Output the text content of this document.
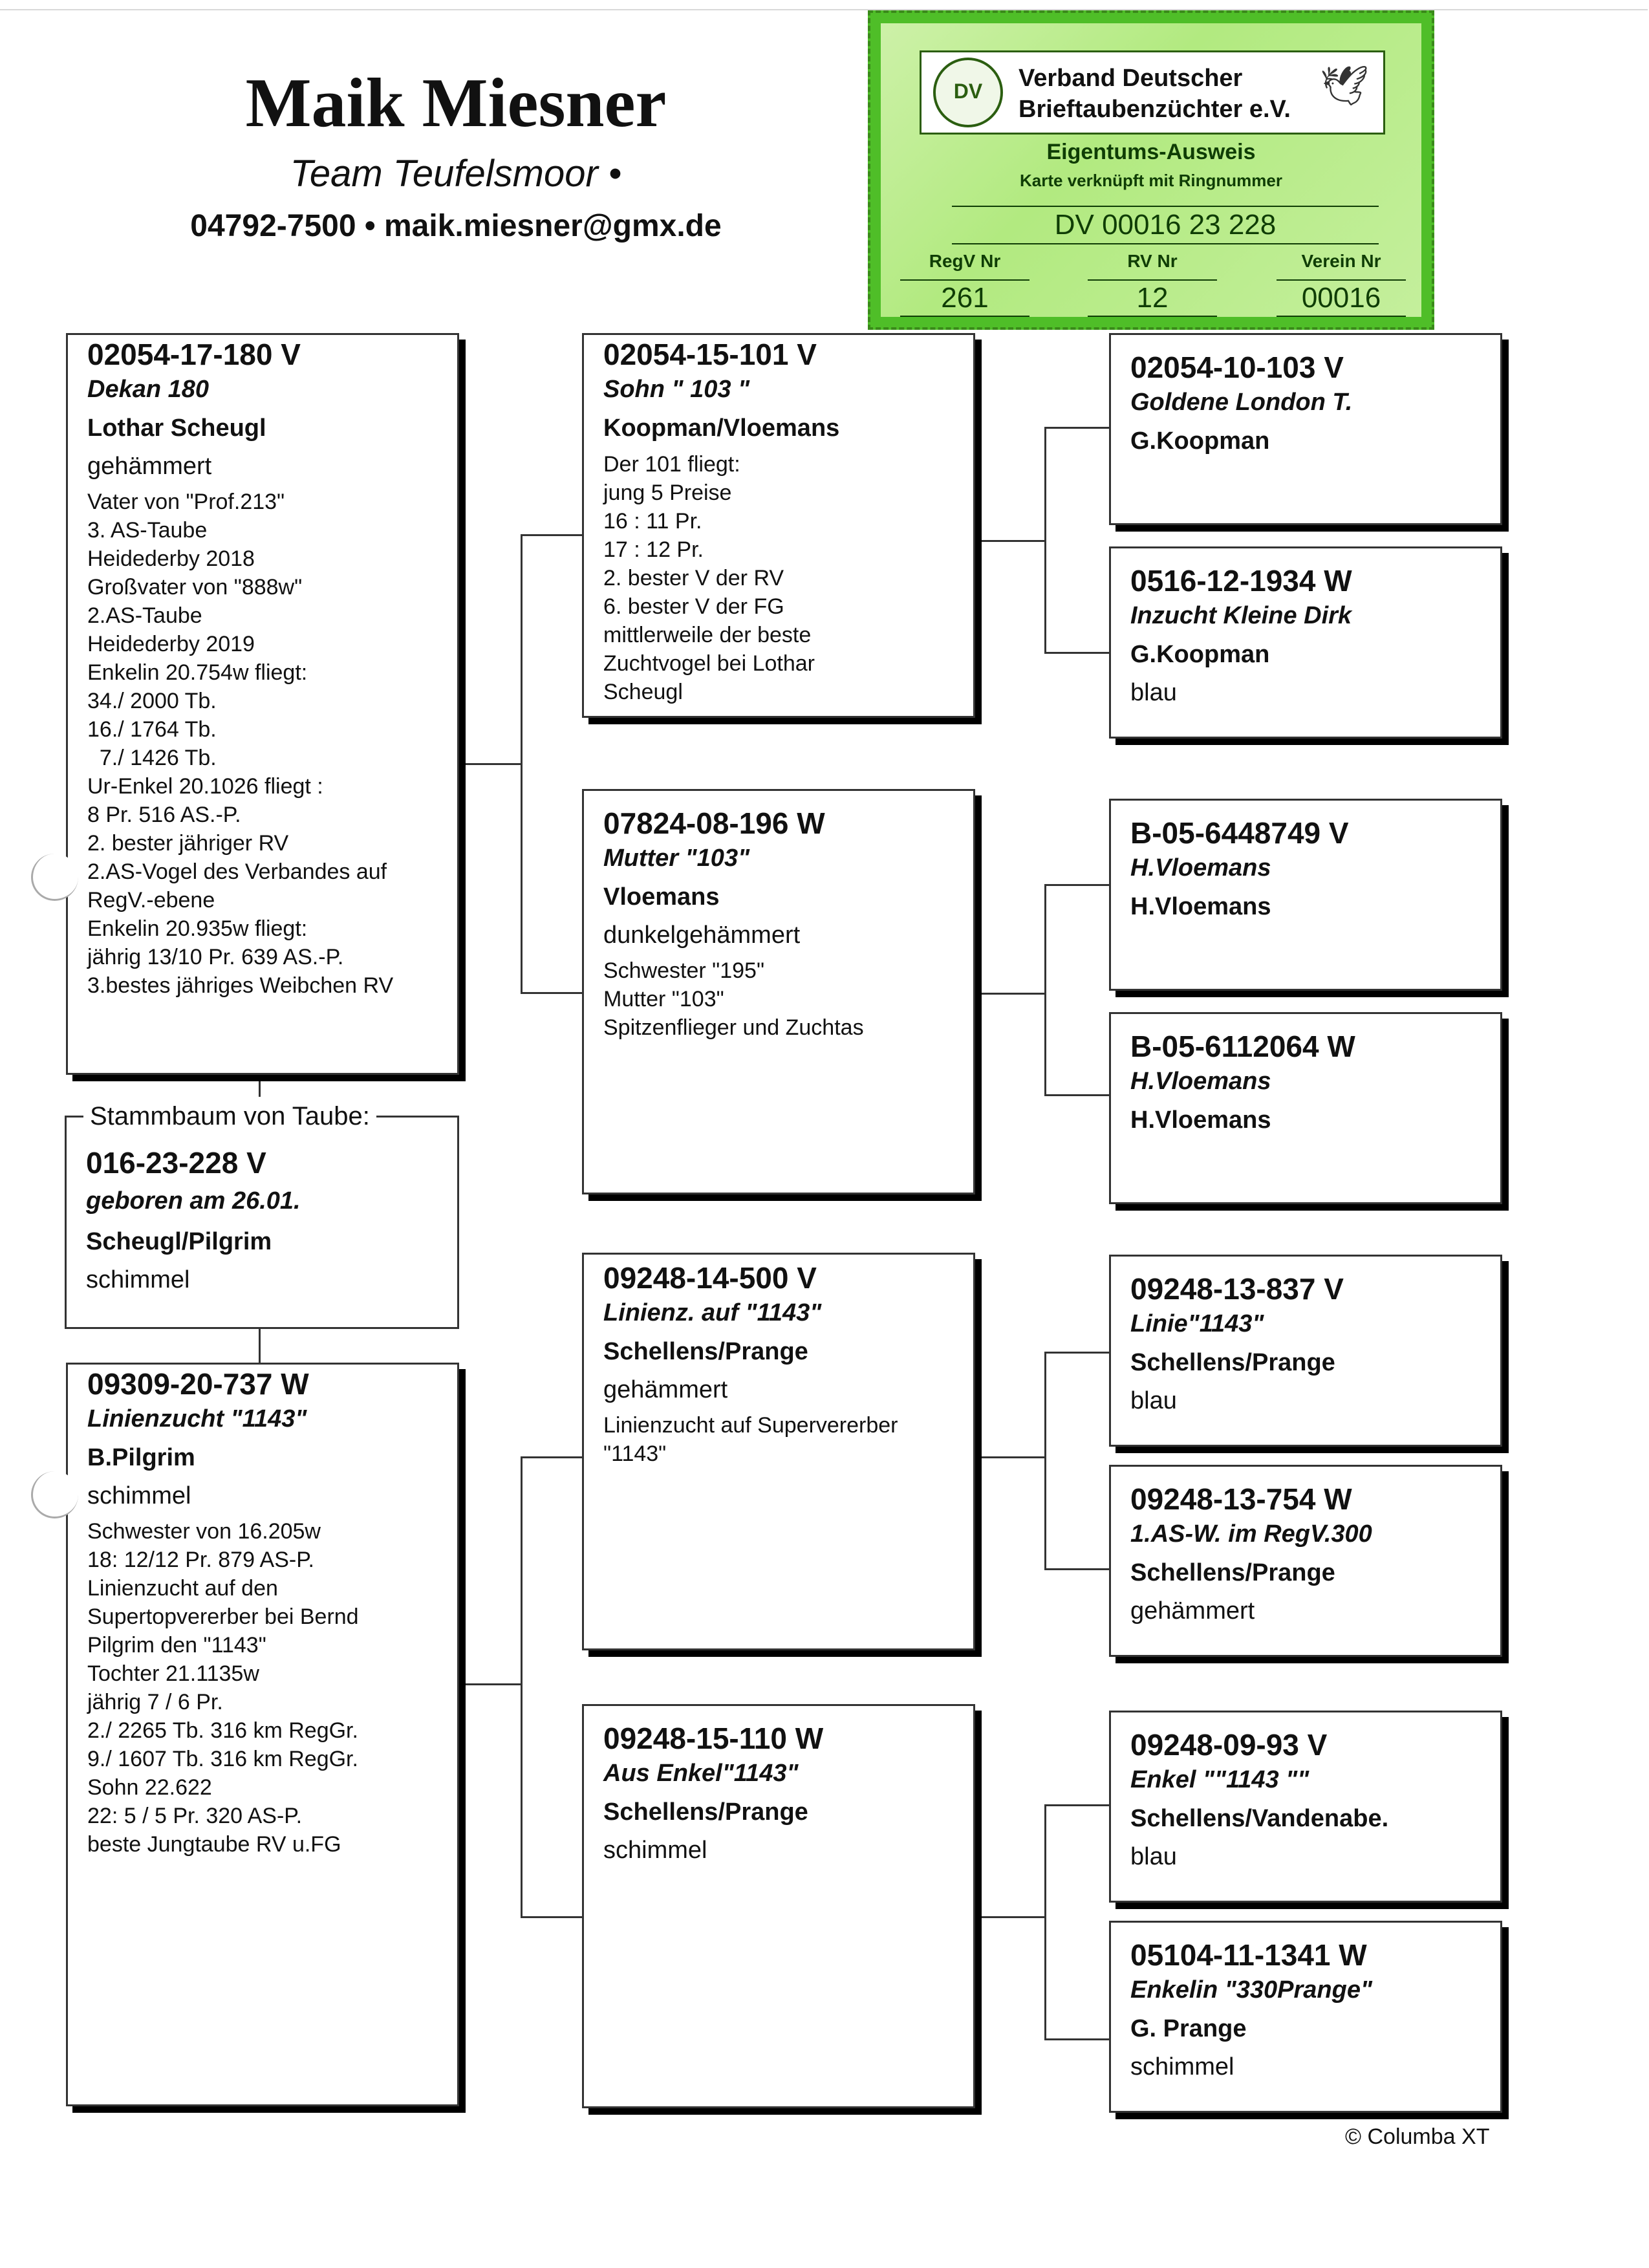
Maik Miesner
Team Teufelsmoor •
04792-7500 • maik.miesner@gmx.de
DV
Verband Deutscher
Brieftaubenzüchter e.V.
🕊
Eigentums-Ausweis
Karte verknüpft mit Ringnummer
DV 00016 23 228
RegV Nr	RV Nr	Verein Nr
261	12	00016
02054-17-180 V
Dekan 180
Lothar Scheugl
gehämmert
Vater von "Prof.213"
3. AS-Taube
Heidederby 2018
Großvater von "888w"
2.AS-Taube
Heidederby 2019
Enkelin 20.754w fliegt:
34./ 2000 Tb.
16./ 1764 Tb.
7./ 1426 Tb.
Ur-Enkel 20.1026 fliegt :
8 Pr. 516 AS.-P.
2. bester jähriger RV
2.AS-Vogel des Verbandes auf
RegV.-ebene
Enkelin 20.935w fliegt:
jährig 13/10 Pr. 639 AS.-P.
3.bestes jähriges Weibchen RV
Stammbaum von Taube:
016-23-228 V
geboren am 26.01.
Scheugl/Pilgrim
schimmel
09309-20-737 W
Linienzucht "1143"
B.Pilgrim
schimmel
Schwester von 16.205w
18: 12/12 Pr. 879 AS-P.
Linienzucht auf den
Supertopvererber bei Bernd
Pilgrim den "1143"
Tochter 21.1135w
jährig 7 / 6 Pr.
2./ 2265 Tb. 316 km RegGr.
9./ 1607 Tb. 316 km RegGr.
Sohn 22.622
22: 5 / 5 Pr. 320 AS-P.
beste Jungtaube RV u.FG
02054-15-101 V
Sohn " 103 "
Koopman/Vloemans
Der 101 fliegt:
jung 5 Preise
16 : 11 Pr.
17 : 12 Pr.
2. bester V der RV
6. bester V der FG
mittlerweile der beste
Zuchtvogel bei Lothar
Scheugl
07824-08-196 W
Mutter "103"
Vloemans
dunkelgehämmert
Schwester "195"
Mutter "103"
Spitzenflieger und Zuchtas
09248-14-500 V
Linienz. auf "1143"
Schellens/Prange
gehämmert
Linienzucht auf Supervererber
"1143"
09248-15-110 W
Aus Enkel"1143"
Schellens/Prange
schimmel
02054-10-103 V
Goldene London T.
G.Koopman
0516-12-1934 W
Inzucht Kleine Dirk
G.Koopman
blau
B-05-6448749 V
H.Vloemans
H.Vloemans
B-05-6112064 W
H.Vloemans
H.Vloemans
09248-13-837 V
Linie"1143"
Schellens/Prange
blau
09248-13-754 W
1.AS-W. im RegV.300
Schellens/Prange
gehämmert
09248-09-93 V
Enkel ""1143 ""
Schellens/Vandenabe.
blau
05104-11-1341 W
Enkelin "330Prange"
G. Prange
schimmel
© Columba XT
